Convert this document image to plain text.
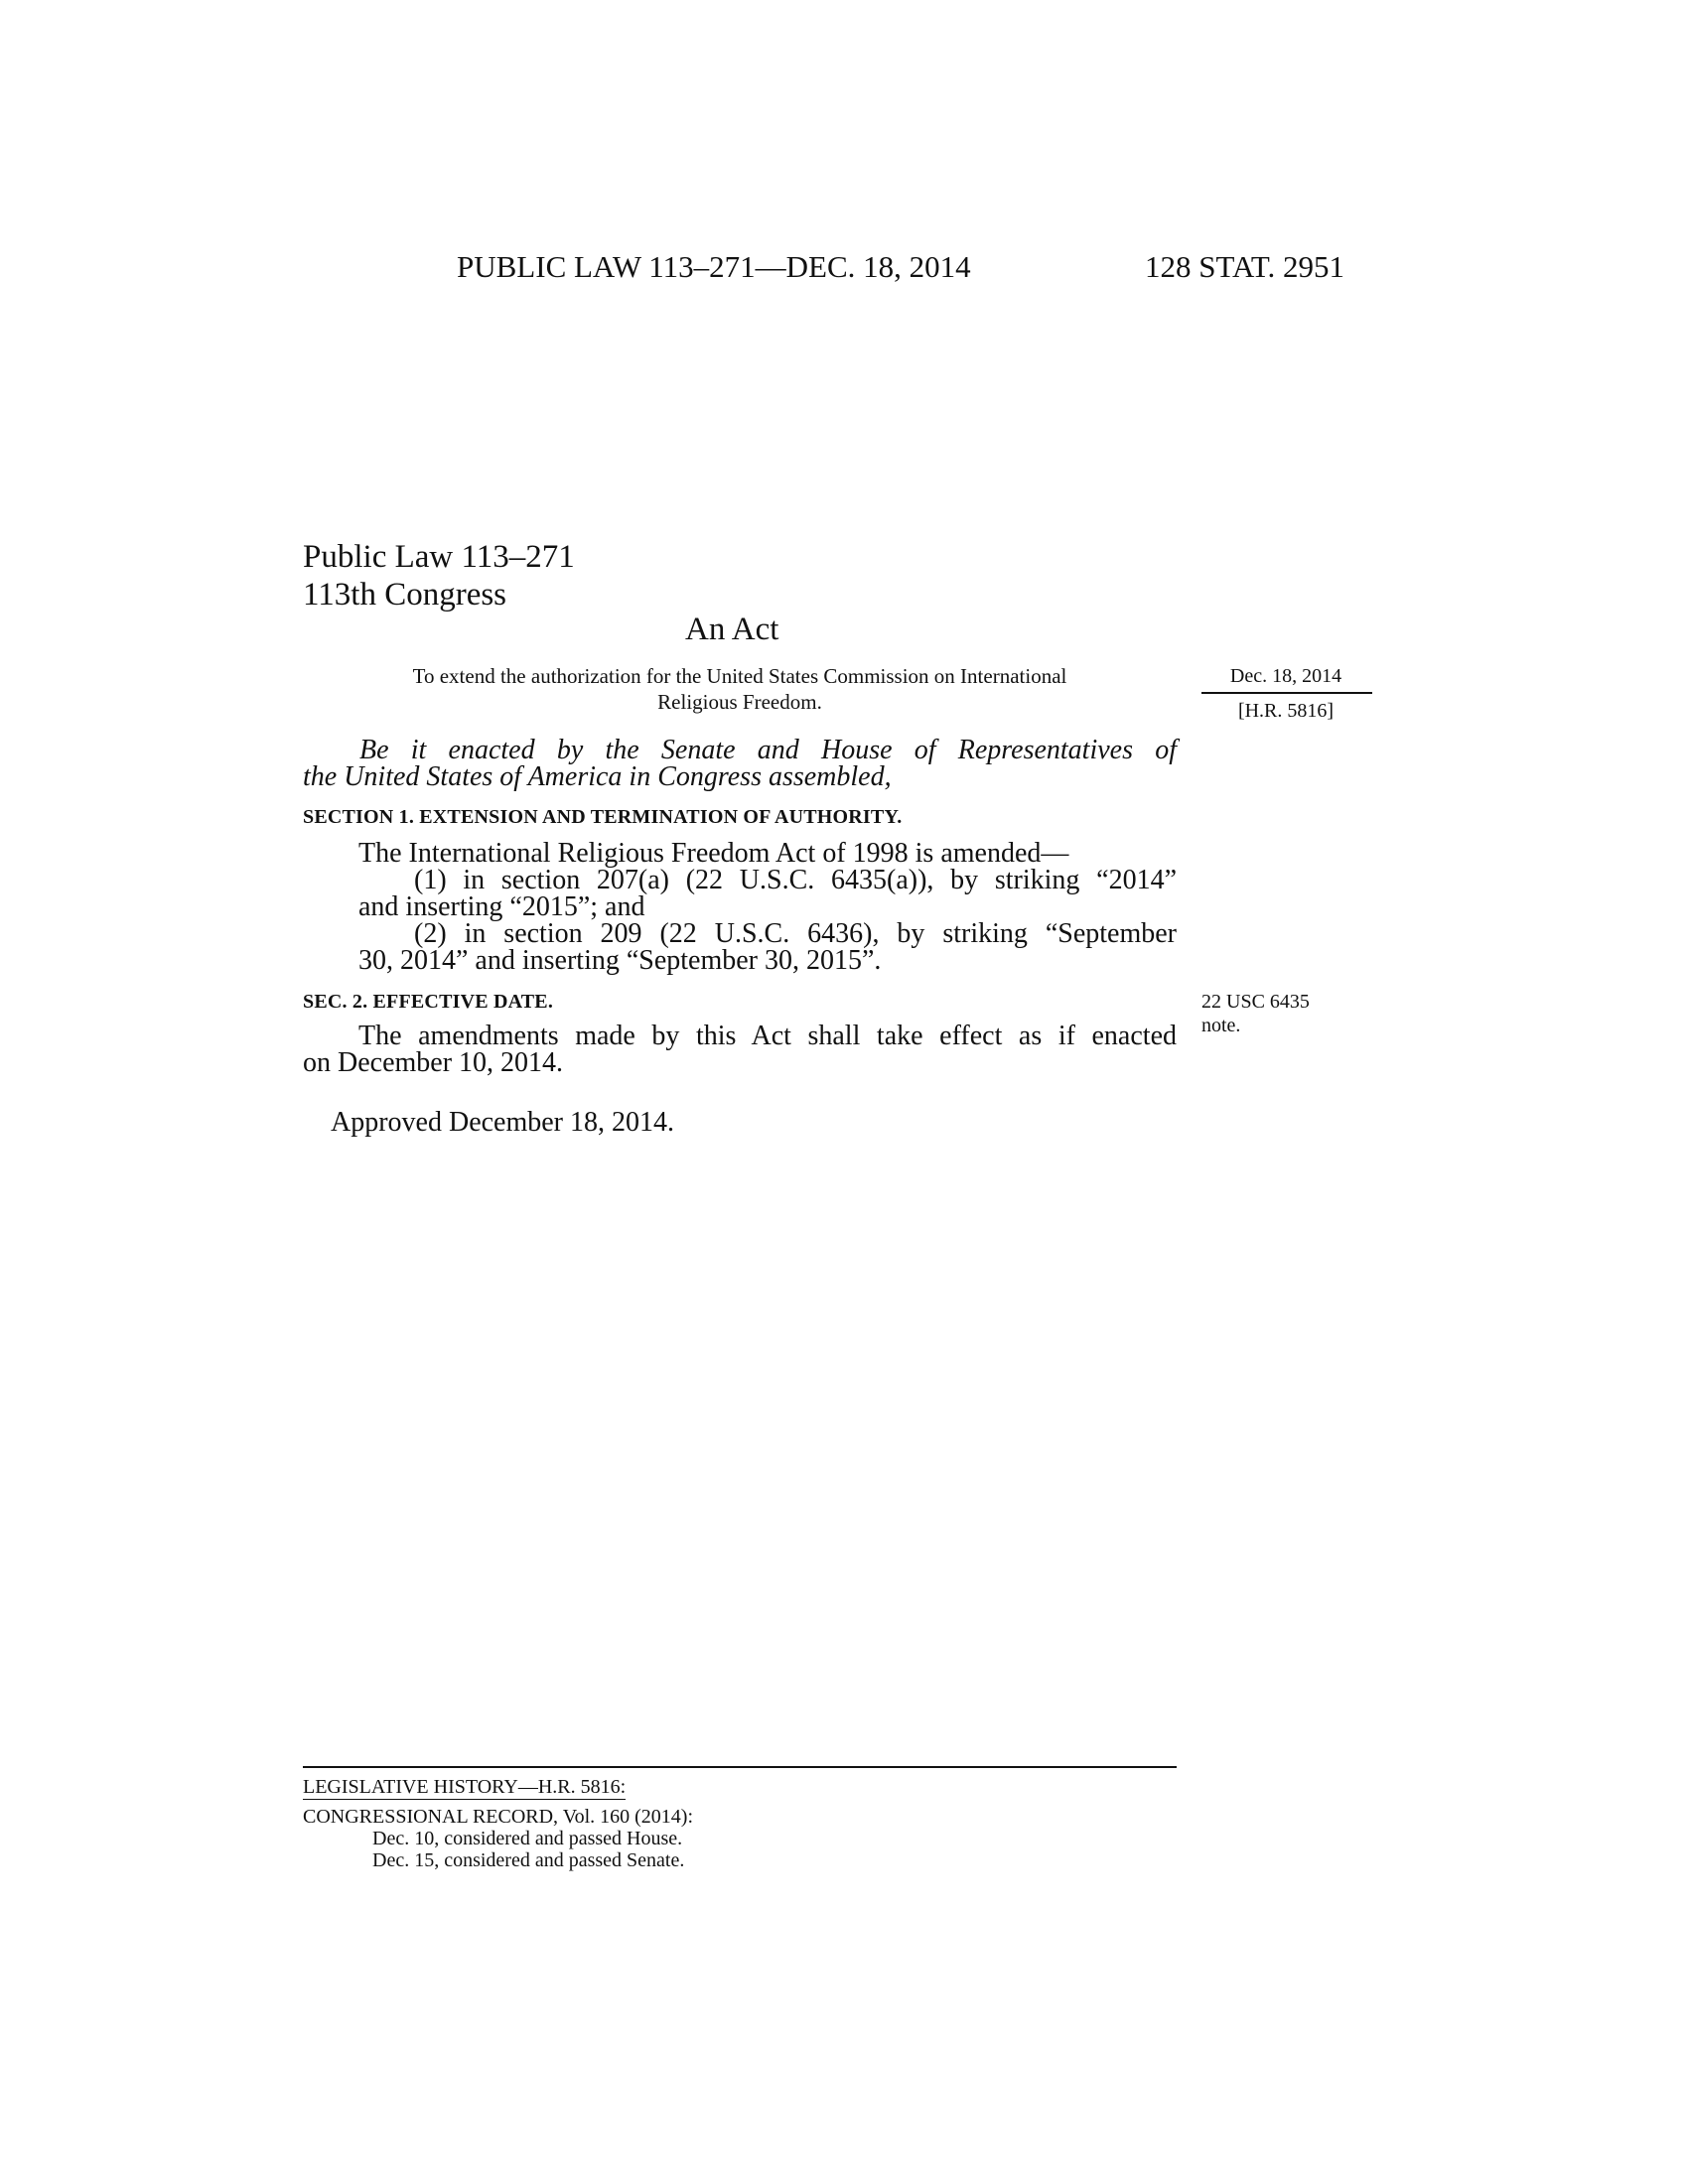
PUBLIC LAW 113–271—DEC. 18, 2014	128 STAT. 2951
Public Law 113–271
113th Congress
An Act
To extend the authorization for the United States Commission on International
Religious Freedom.
Dec. 18, 2014
[H.R. 5816]
Be it enacted by the Senate and House of Representatives of
the United States of America in Congress assembled,
SECTION 1. EXTENSION AND TERMINATION OF AUTHORITY.
The International Religious Freedom Act of 1998 is amended—
(1) in section 207(a) (22 U.S.C. 6435(a)), by striking “2014”
and inserting “2015”; and
(2) in section 209 (22 U.S.C. 6436), by striking “September
30, 2014” and inserting “September 30, 2015”.
SEC. 2. EFFECTIVE DATE.	22 USC 6435
note.
The amendments made by this Act shall take effect as if enacted
on December 10, 2014.
Approved December 18, 2014.
LEGISLATIVE HISTORY—H.R. 5816:
CONGRESSIONAL RECORD, Vol. 160 (2014):
Dec. 10, considered and passed House.
Dec. 15, considered and passed Senate.
